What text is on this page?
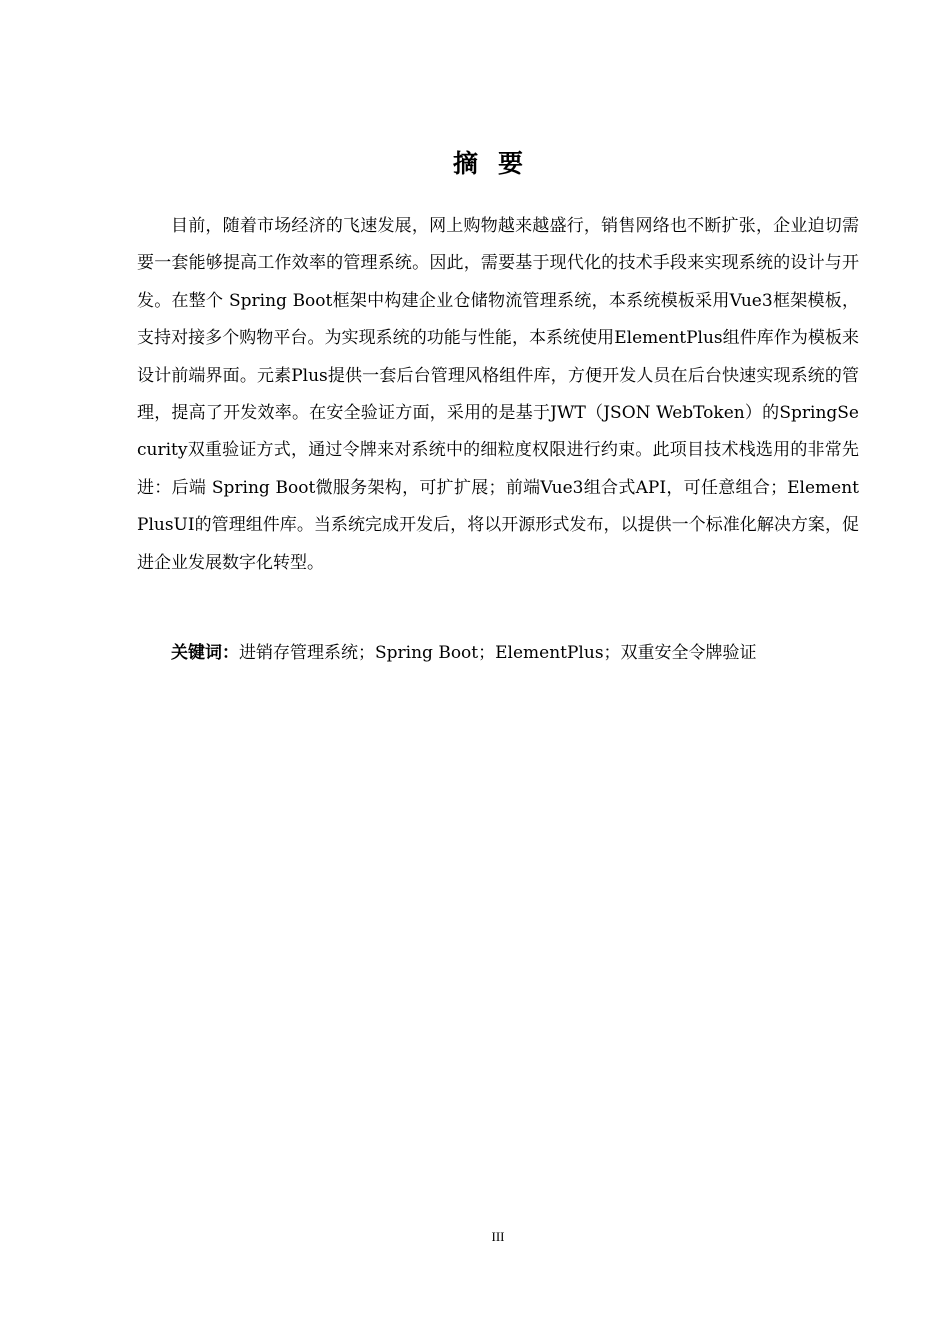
摘要

目前，随着市场经济的飞速发展，网上购物越来越盛行，销售网络也不断扩张，企业迫切需要一套能够提高工作效率的管理系统。因此，需要基于现代化的技术手段来实现系统的设计与开发。在整个 Spring Boot框架中构建企业仓储物流管理系统，本系统模板采用Vue3框架模板，支持对接多个购物平台。为实现系统的功能与性能，本系统使用ElementPlus组件库作为模板来设计前端界面。元素Plus提供一套后台管理风格组件库，方便开发人员在后台快速实现系统的管理，提高了开发效率。在安全验证方面，采用的是基于JWT（JSON WebToken）的SpringSecurity双重验证方式，通过令牌来对系统中的细粒度权限进行约束。此项目技术栈选用的非常先进：后端 Spring Boot微服务架构，可扩扩展；前端Vue3组合式API，可任意组合；ElementPlusUI的管理组件库。当系统完成开发后，将以开源形式发布，以提供一个标准化解决方案，促进企业发展数字化转型。

关键词：进销存管理系统；Spring Boot；ElementPlus；双重安全令牌验证
III
